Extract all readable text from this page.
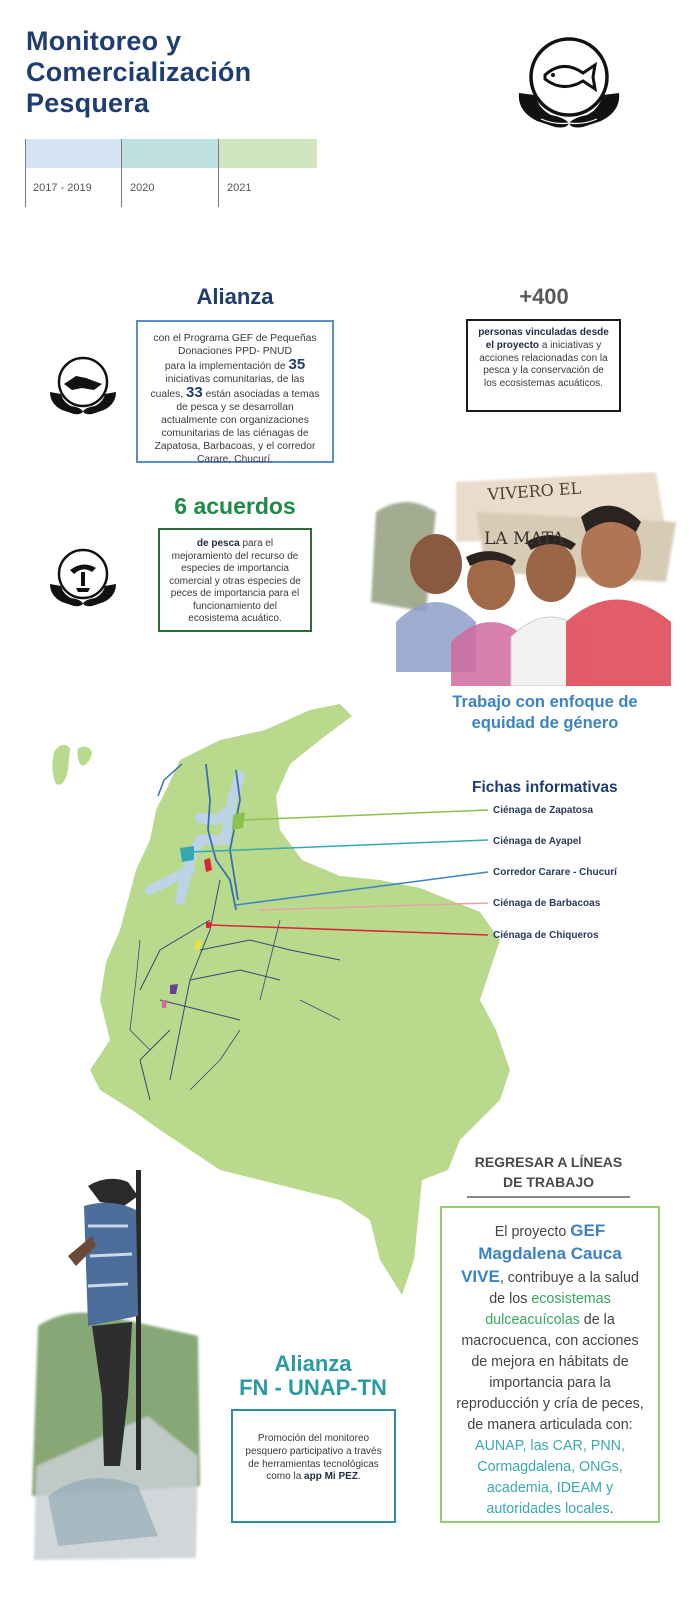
Monitoreo y
Comercialización
Pesquera
2017 - 2019	2020	2021
Alianza
con el Programa GEF de Pequeñas Donaciones PPD- PNUD
para la implementación de 35 iniciativas comunitarias, de las cuales, 33 están asociadas a temas de pesca y se desarrollan actualmente con organizaciones comunitarias de las ciénagas de Zapatosa, Barbacoas, y el corredor Carare, Chucurí.
+400
personas vinculadas desde el proyecto a iniciativas y acciones relacionadas con la pesca y la conservación de los ecosistemas acuáticos.
6 acuerdos
de pesca para el mejoramiento del recurso de especies de importancia comercial y otras especies de peces de importancia para el funcionamiento del ecosistema acuático.
VIVERO EL
LA MATA
Trabajo con enfoque de
equidad de género
Fichas informativas
Ciénaga de Zapatosa
Ciénaga de Ayapel
Corredor Carare - Chucurí
Ciénaga de Barbacoas
Ciénaga de Chiqueros
REGRESAR A LÍNEAS
DE TRABAJO
El proyecto GEF Magdalena Cauca VIVE, contribuye a la salud de los ecosistemas dulceacuícolas de la macrocuenca, con acciones de mejora en hábitats de importancia para la reproducción y cría de peces, de manera articulada con: AUNAP, las CAR, PNN, Cormagdalena, ONGs, academia, IDEAM y autoridades locales.
Alianza
FN - UNAP-TN
Promoción del monitoreo pesquero participativo a través de herramientas tecnológicas como la app Mi PEZ.
